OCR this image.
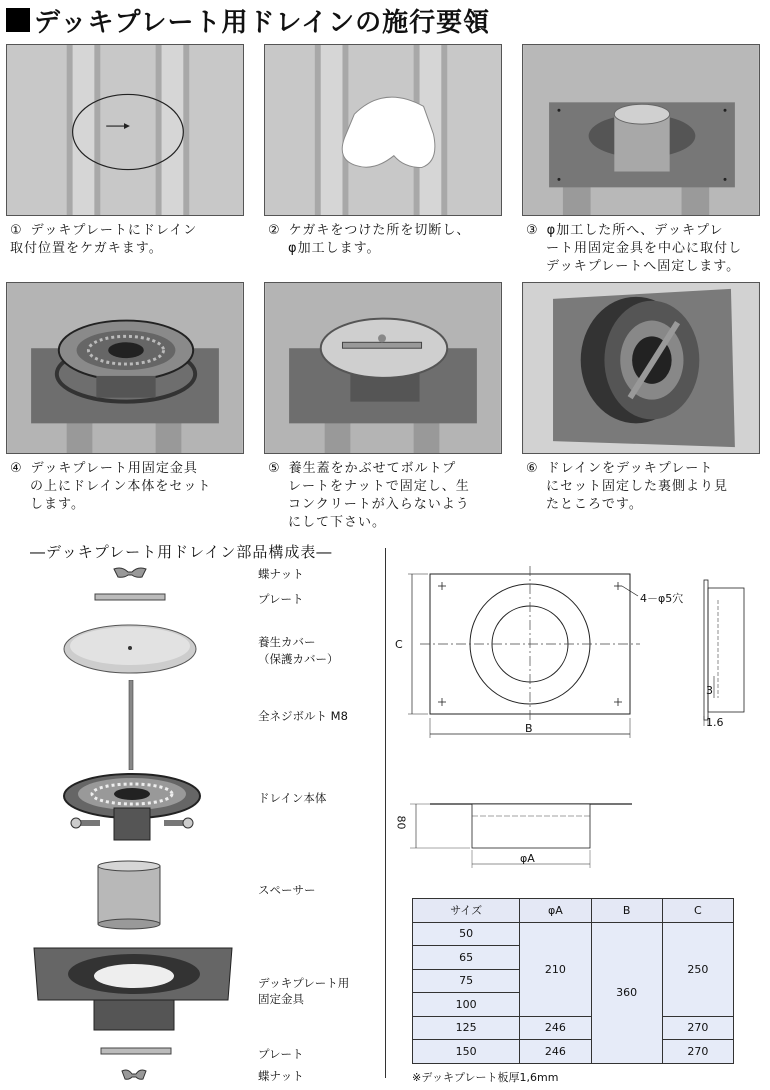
デッキプレート用ドレインの施行要領
① デッキプレートにドレイン
取付位置をケガキます。
② ケガキをつけた所を切断し、
φ加工します。
③ φ加工した所へ、デッキプレ
ート用固定金具を中心に取付し
デッキプレートへ固定します。
④ デッキプレート用固定金具
の上にドレイン本体をセット
します。
⑤ 養生蓋をかぶせてボルトプ
レートをナットで固定し、生
コンクリートが入らないよう
にして下さい。
⑥ ドレインをデッキプレート
にセット固定した裏側より見
たところです。
―デッキプレート用ドレイン部品構成表―
蝶ナット
プレート
養生カバー
（保護カバー）
全ネジボルト M8
ドレイン本体
スペーサー
デッキプレート用
固定金具
プレート
蝶ナット
4－φ5穴
C
B
3
1.6
80
φA
サイズ	φA	B	C
50	210	360	250
65			
75			
100			
125	246		270
150	246		270
※デッキプレート板厚1,6mm
